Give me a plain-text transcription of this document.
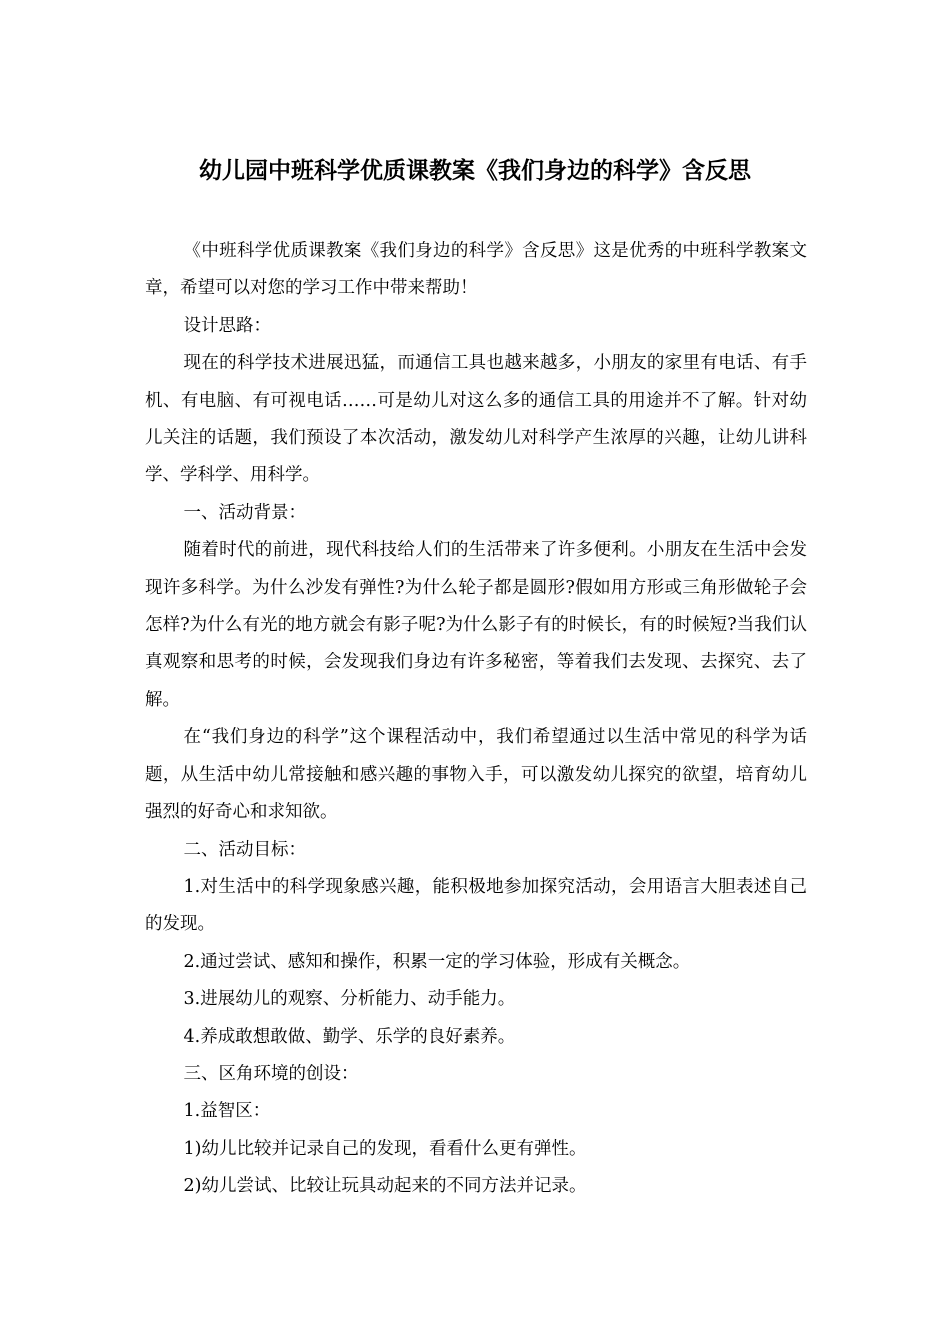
幼儿园中班科学优质课教案《我们身边的科学》含反思

《中班科学优质课教案《我们身边的科学》含反思》这是优秀的中班科学教案文章，希望可以对您的学习工作中带来帮助！

设计思路：

现在的科学技术进展迅猛，而通信工具也越来越多，小朋友的家里有电话、有手机、有电脑、有可视电话……可是幼儿对这么多的通信工具的用途并不了解。针对幼儿关注的话题，我们预设了本次活动，激发幼儿对科学产生浓厚的兴趣，让幼儿讲科学、学科学、用科学。

一、活动背景：

随着时代的前进，现代科技给人们的生活带来了许多便利。小朋友在生活中会发现许多科学。为什么沙发有弹性?为什么轮子都是圆形?假如用方形或三角形做轮子会怎样?为什么有光的地方就会有影子呢?为什么影子有的时候长，有的时候短?当我们认真观察和思考的时候，会发现我们身边有许多秘密，等着我们去发现、去探究、去了解。

在“我们身边的科学”这个课程活动中，我们希望通过以生活中常见的科学为话题，从生活中幼儿常接触和感兴趣的事物入手，可以激发幼儿探究的欲望，培育幼儿强烈的好奇心和求知欲。

二、活动目标：

1.对生活中的科学现象感兴趣，能积极地参加探究活动，会用语言大胆表述自己的发现。

2.通过尝试、感知和操作，积累一定的学习体验，形成有关概念。

3.进展幼儿的观察、分析能力、动手能力。

4.养成敢想敢做、勤学、乐学的良好素养。

三、区角环境的创设：

1.益智区：

1)幼儿比较并记录自己的发现，看看什么更有弹性。

2)幼儿尝试、比较让玩具动起来的不同方法并记录。
